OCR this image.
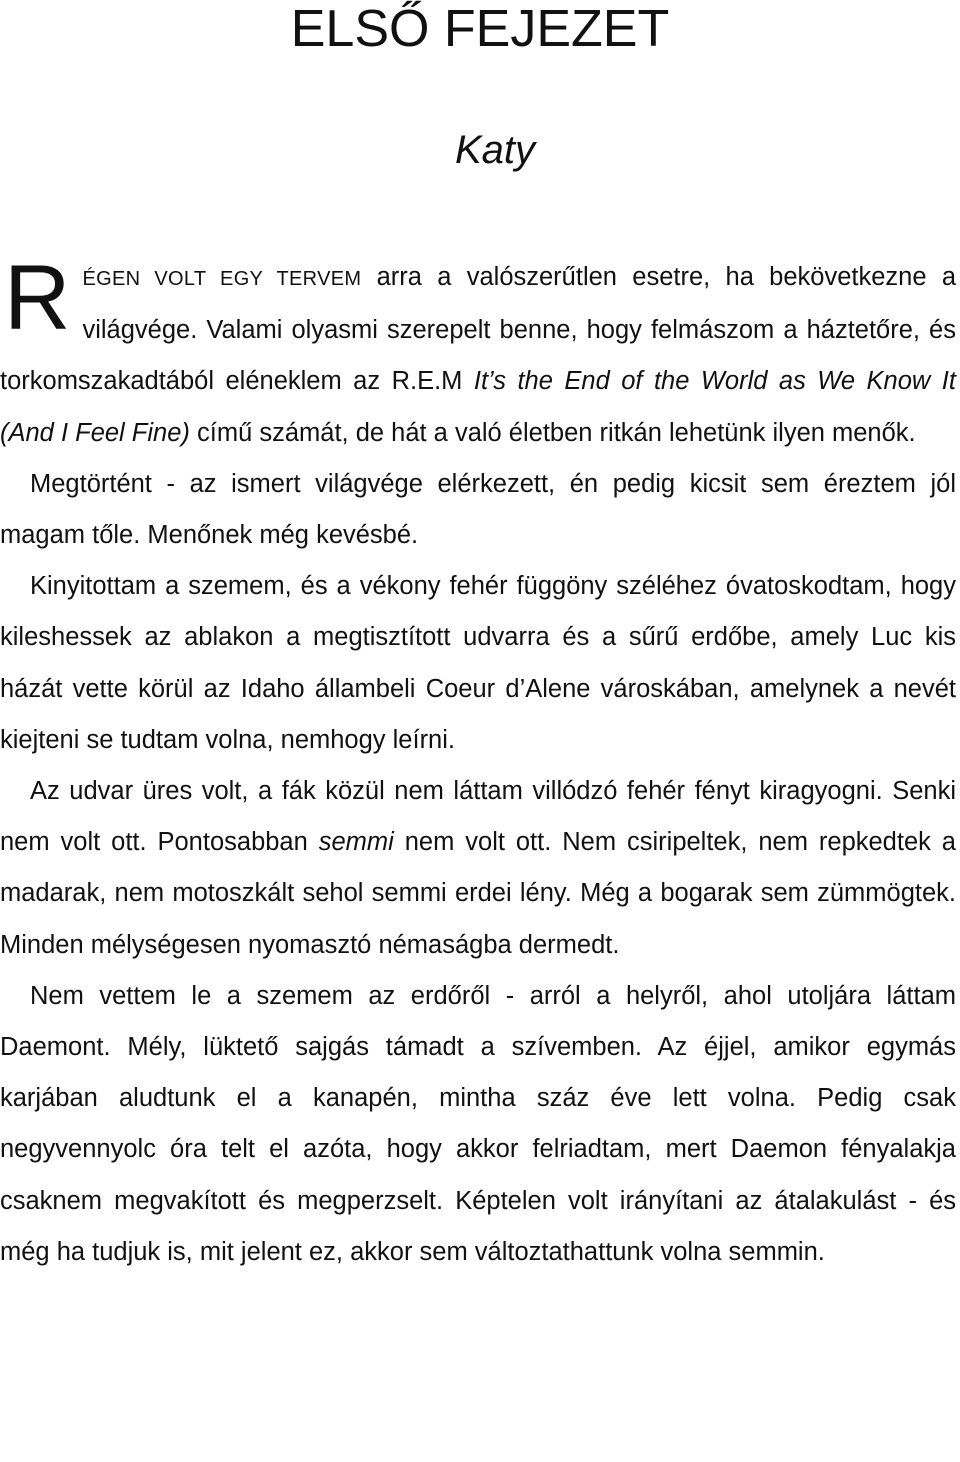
ELSŐ FEJEZET
Katy

RÉGEN VOLT EGY TERVEM arra a valószerűtlen esetre, ha bekövetkezne a világvége. Valami olyasmi szerepelt benne, hogy felmászom a háztetőre, és torkomszakadtából eléneklem az R.E.M It’s the End of the World as We Know It (And I Feel Fine) című számát, de hát a való életben ritkán lehetünk ilyen menők.

Megtörtént - az ismert világvége elérkezett, én pedig kicsit sem éreztem jól magam tőle. Menőnek még kevésbé.

Kinyitottam a szemem, és a vékony fehér függöny széléhez óvatoskodtam, hogy kileshessek az ablakon a megtisztított udvarra és a sűrű erdőbe, amely Luc kis házát vette körül az Idaho állambeli Coeur d’Alene városkában, amelynek a nevét kiejteni se tudtam volna, nemhogy leírni.

Az udvar üres volt, a fák közül nem láttam villódzó fehér fényt kiragyogni. Senki nem volt ott. Pontosabban semmi nem volt ott. Nem csiripeltek, nem repkedtek a madarak, nem motoszkált sehol semmi erdei lény. Még a bogarak sem zümmögtek. Minden mélységesen nyomasztó némaságba dermedt.

Nem vettem le a szemem az erdőről - arról a helyről, ahol utoljára láttam Daemont. Mély, lüktető sajgás támadt a szívemben. Az éjjel, amikor egymás karjában aludtunk el a kanapén, mintha száz éve lett volna. Pedig csak negyvennyolc óra telt el azóta, hogy akkor felriadtam, mert Daemon fényalakja csaknem megvakított és megperzselt. Képtelen volt irányítani az átalakulást - és még ha tudjuk is, mit jelent ez, akkor sem változtathattunk volna semmin.
